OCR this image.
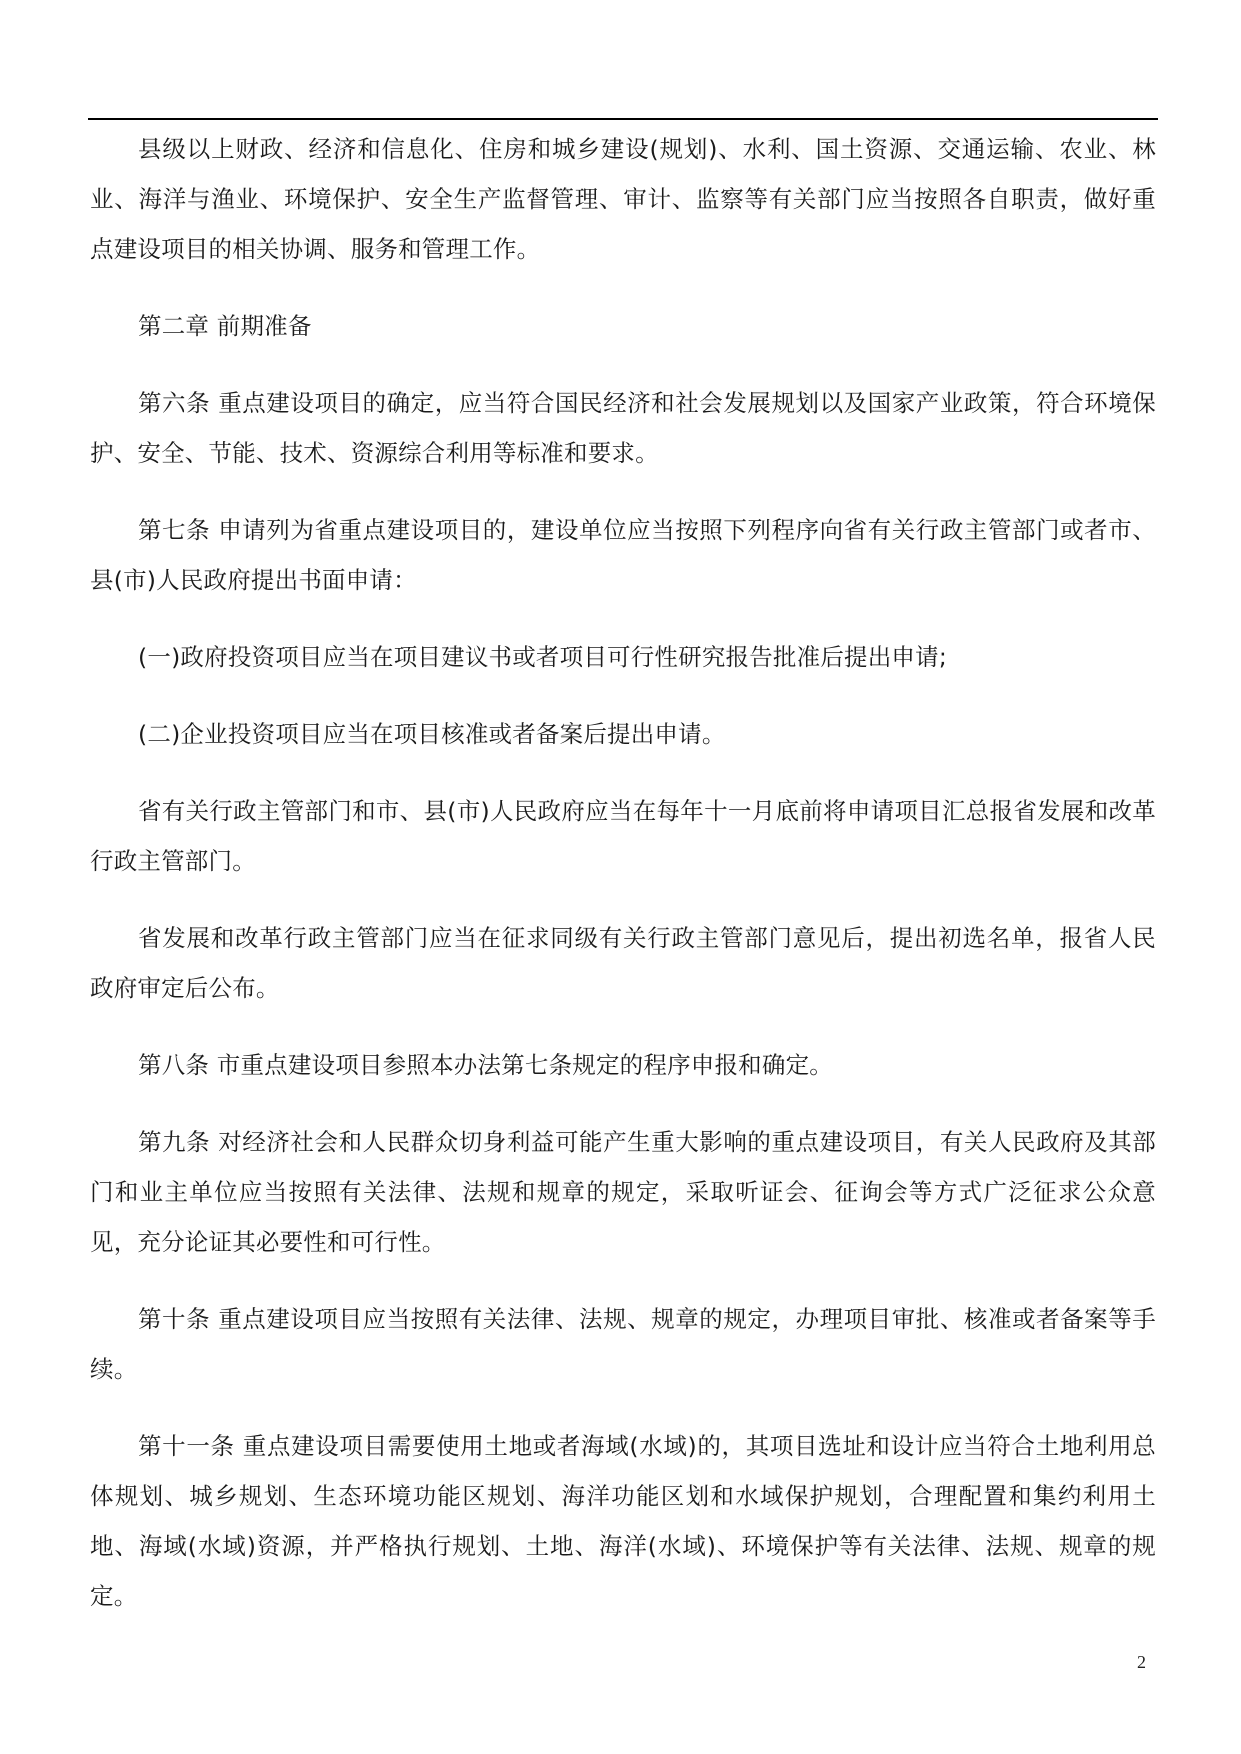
县级以上财政、经济和信息化、住房和城乡建设(规划)、水利、国土资源、交通运输、农业、林业、海洋与渔业、环境保护、安全生产监督管理、审计、监察等有关部门应当按照各自职责，做好重点建设项目的相关协调、服务和管理工作。

第二章 前期准备

第六条 重点建设项目的确定，应当符合国民经济和社会发展规划以及国家产业政策，符合环境保护、安全、节能、技术、资源综合利用等标准和要求。

第七条 申请列为省重点建设项目的，建设单位应当按照下列程序向省有关行政主管部门或者市、县(市)人民政府提出书面申请：

(一)政府投资项目应当在项目建议书或者项目可行性研究报告批准后提出申请;

(二)企业投资项目应当在项目核准或者备案后提出申请。

省有关行政主管部门和市、县(市)人民政府应当在每年十一月底前将申请项目汇总报省发展和改革行政主管部门。

省发展和改革行政主管部门应当在征求同级有关行政主管部门意见后，提出初选名单，报省人民政府审定后公布。

第八条 市重点建设项目参照本办法第七条规定的程序申报和确定。

第九条 对经济社会和人民群众切身利益可能产生重大影响的重点建设项目，有关人民政府及其部门和业主单位应当按照有关法律、法规和规章的规定，采取听证会、征询会等方式广泛征求公众意见，充分论证其必要性和可行性。

第十条 重点建设项目应当按照有关法律、法规、规章的规定，办理项目审批、核准或者备案等手续。

第十一条 重点建设项目需要使用土地或者海域(水域)的，其项目选址和设计应当符合土地利用总体规划、城乡规划、生态环境功能区规划、海洋功能区划和水域保护规划，合理配置和集约利用土地、海域(水域)资源，并严格执行规划、土地、海洋(水域)、环境保护等有关法律、法规、规章的规定。

2
